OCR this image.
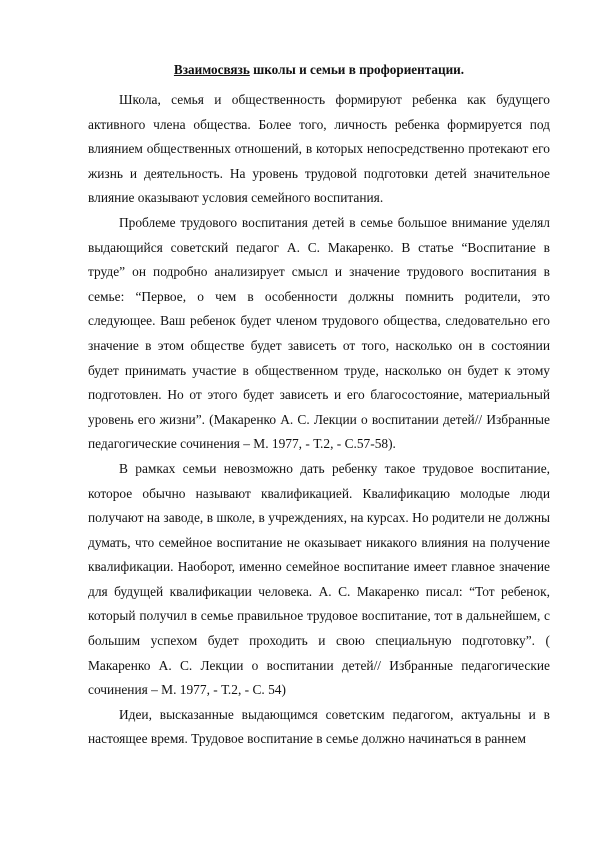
Взаимосвязь школы и семьи в профориентации.

Школа, семья и общественность формируют ребенка как будущего активного члена общества. Более того, личность ребенка формируется под влиянием общественных отношений, в которых непосредственно протекают его жизнь и деятельность. На уровень трудовой подготовки детей значительное влияние оказывают условия семейного воспитания.

Проблеме трудового воспитания детей в семье большое внимание уделял выдающийся советский педагог А. С. Макаренко. В статье “Воспитание в труде” он подробно анализирует смысл и значение трудового воспитания в семье: “Первое, о чем в особенности должны помнить родители, это следующее. Ваш ребенок будет членом трудового общества, следовательно его значение в этом обществе будет зависеть от того, насколько он в состоянии будет принимать участие в общественном труде, насколько он будет к этому подготовлен. Но от этого будет зависеть и его благосостояние, материальный уровень его жизни”. (Макаренко А. С. Лекции о воспитании детей// Избранные педагогические сочинения – М. 1977, - Т.2, - С.57-58).

В рамках семьи невозможно дать ребенку такое трудовое воспитание, которое обычно называют квалификацией. Квалификацию молодые люди получают на заводе, в школе, в учреждениях, на курсах. Но родители не должны думать, что семейное воспитание не оказывает никакого влияния на получение квалификации. Наоборот, именно семейное воспитание имеет главное значение для будущей квалификации человека. А. С. Макаренко писал: “Тот ребенок, который получил в семье правильное трудовое воспитание, тот в дальнейшем, с большим успехом будет проходить и свою специальную подготовку”. ( Макаренко А. С. Лекции о воспитании детей// Избранные педагогические сочинения – М. 1977, - Т.2, - С. 54)

Идеи, высказанные выдающимся советским педагогом, актуальны и в настоящее время. Трудовое воспитание в семье должно начинаться в раннем
